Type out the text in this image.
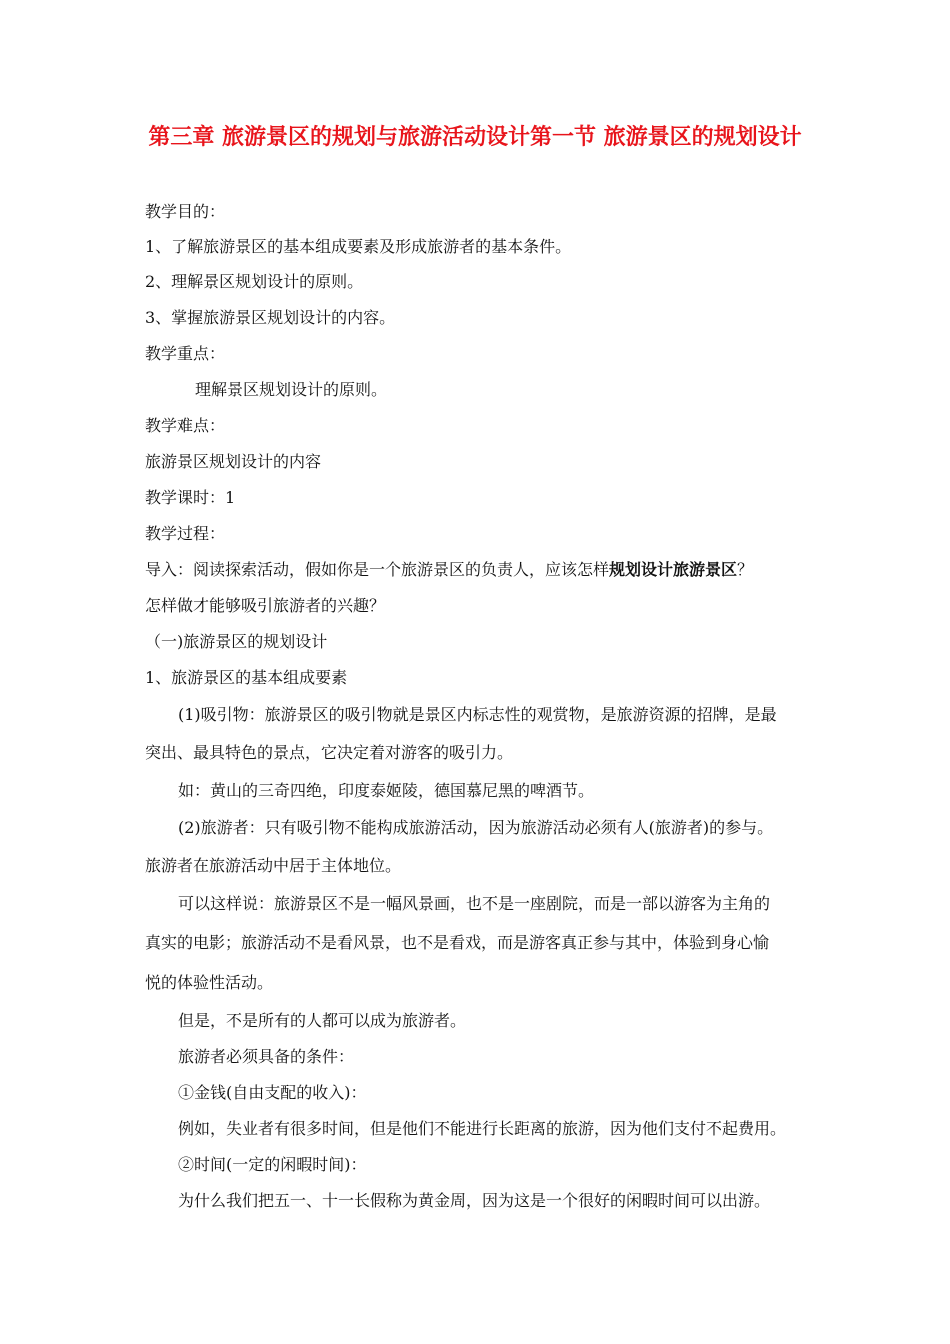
第三章 旅游景区的规划与旅游活动设计第一节 旅游景区的规划设计
教学目的：
1、了解旅游景区的基本组成要素及形成旅游者的基本条件。
2、理解景区规划设计的原则。
3、掌握旅游景区规划设计的内容。
教学重点：
理解景区规划设计的原则。
教学难点：
旅游景区规划设计的内容
教学课时：1
教学过程：
导入：阅读探索活动，假如你是一个旅游景区的负责人，应该怎样规划设计旅游景区？
怎样做才能够吸引旅游者的兴趣？
（一)旅游景区的规划设计
1、旅游景区的基本组成要素
(1)吸引物：旅游景区的吸引物就是景区内标志性的观赏物，是旅游资源的招牌，是最
突出、最具特色的景点，它决定着对游客的吸引力。
如：黄山的三奇四绝，印度泰姬陵，德国慕尼黑的啤酒节。
(2)旅游者：只有吸引物不能构成旅游活动，因为旅游活动必须有人(旅游者)的参与。
旅游者在旅游活动中居于主体地位。
可以这样说：旅游景区不是一幅风景画，也不是一座剧院，而是一部以游客为主角的
真实的电影；旅游活动不是看风景，也不是看戏，而是游客真正参与其中，体验到身心愉
悦的体验性活动。
但是，不是所有的人都可以成为旅游者。
旅游者必须具备的条件：
①金钱(自由支配的收入)：
例如，失业者有很多时间，但是他们不能进行长距离的旅游，因为他们支付不起费用。
②时间(一定的闲暇时间)：
为什么我们把五一、十一长假称为黄金周，因为这是一个很好的闲暇时间可以出游。
